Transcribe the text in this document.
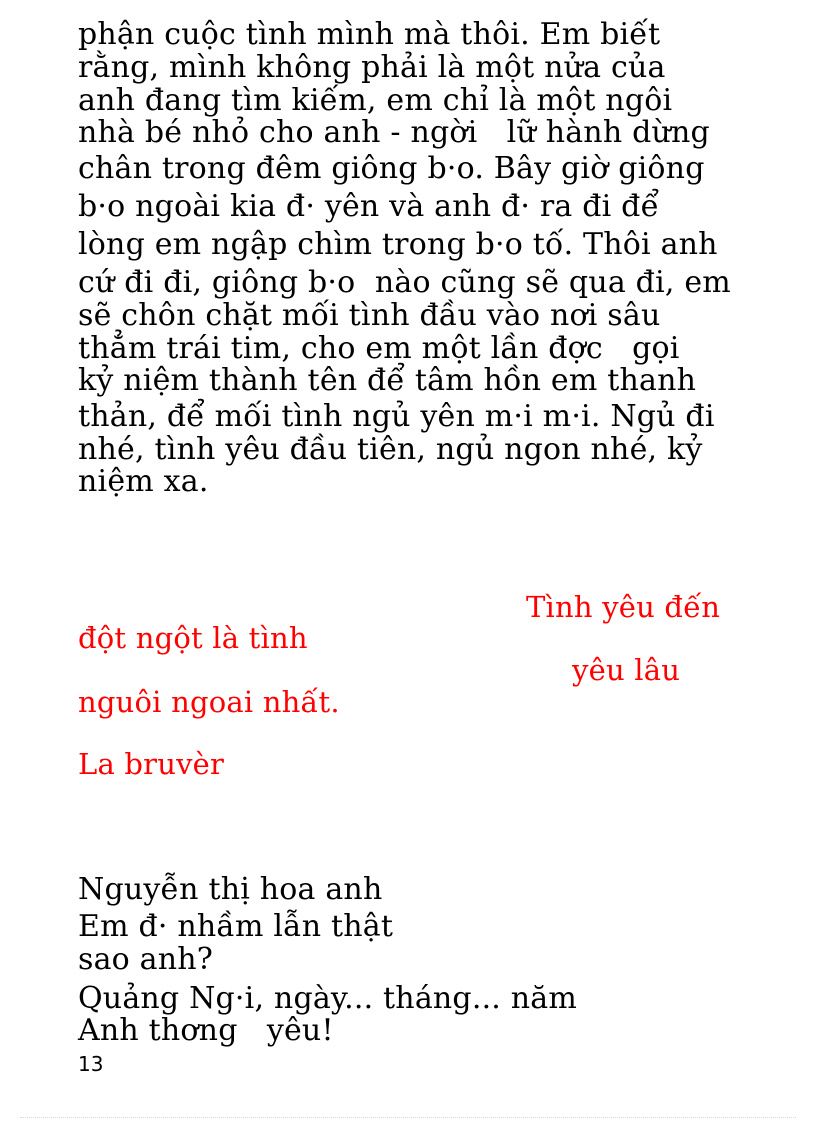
phận cuộc tình mình mà thôi. Em biết
rằng, mình không phải là một nửa của
anh đang tìm kiếm, em chỉ là một ngôi
nhà bé nhỏ cho anh - ngời   lữ hành dừng
chân trong đêm giông b·o. Bây giờ giông
b·o ngoài kia đ· yên và anh đ· ra đi để
lòng em ngập chìm trong b·o tố. Thôi anh
cứ đi đi, giông b·o  nào cũng sẽ qua đi, em
sẽ chôn chặt mối tình đầu vào nơi sâu
thẳm trái tim, cho em một lần đợc   gọi
kỷ niệm thành tên để tâm hồn em thanh
thản, để mối tình ngủ yên m·i m·i. Ngủ đi
nhé, tình yêu đầu tiên, ngủ ngon nhé, kỷ
niệm xa.
Tình yêu đến
đột ngột là tình
yêu lâu
nguôi ngoai nhất.
La bruvèr
Nguyễn thị hoa anh
Em đ· nhầm lẫn thật
sao anh?
Quảng Ng·i, ngày... tháng... năm
Anh thơng   yêu!
13
